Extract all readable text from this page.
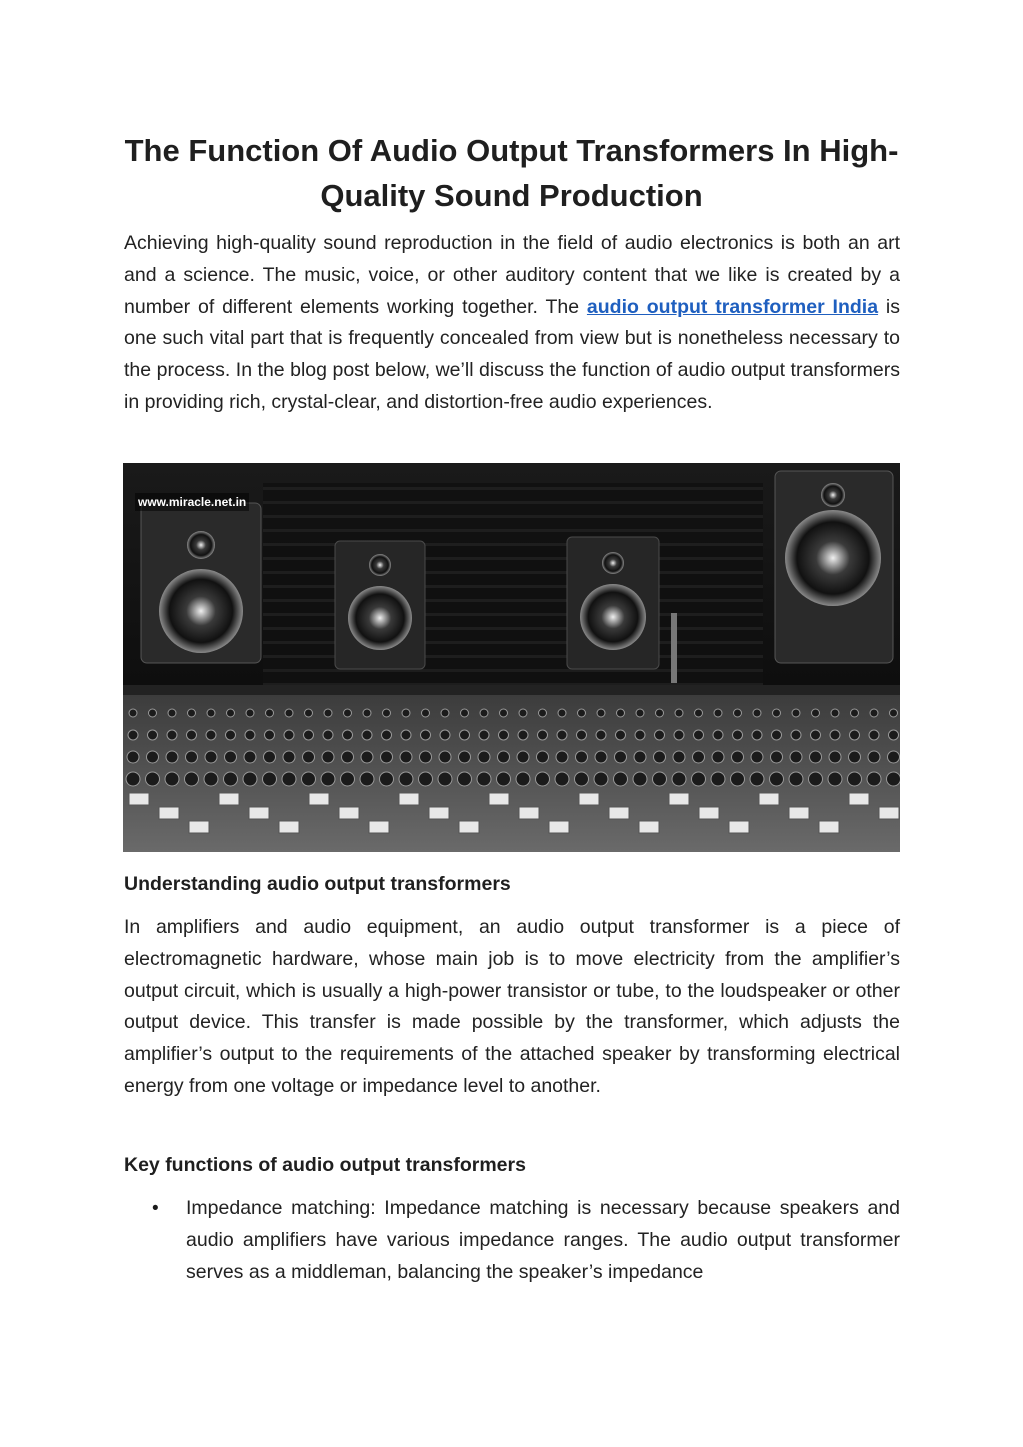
The Function Of Audio Output Transformers In High-Quality Sound Production

Achieving high-quality sound reproduction in the field of audio electronics is both an art and a science. The music, voice, or other auditory content that we like is created by a number of different elements working together. The audio output transformer India is one such vital part that is frequently concealed from view but is nonetheless necessary to the process. In the blog post below, we’ll discuss the function of audio output transformers in providing rich, crystal-clear, and distortion-free audio experiences.

www.miracle.net.in
Understanding audio output transformers

In amplifiers and audio equipment, an audio output transformer is a piece of electromagnetic hardware, whose main job is to move electricity from the amplifier’s output circuit, which is usually a high-power transistor or tube, to the loudspeaker or other output device. This transfer is made possible by the transformer, which adjusts the amplifier’s output to the requirements of the attached speaker by transforming electrical energy from one voltage or impedance level to another.

Key functions of audio output transformers
• Impedance matching: Impedance matching is necessary because speakers and audio amplifiers have various impedance ranges. The audio output transformer serves as a middleman, balancing the speaker’s impedance
